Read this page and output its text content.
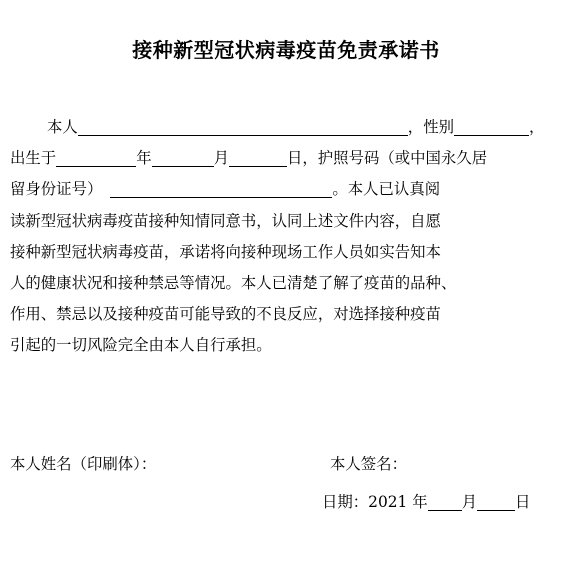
接种新型冠状病毒疫苗免责承诺书
本人	，性别	，
出生于	年	月	日，护照号码（或中国永久居
留身份证号）	。本人已认真阅
读新型冠状病毒疫苗接种知情同意书，认同上述文件内容，自愿
接种新型冠状病毒疫苗，承诺将向接种现场工作人员如实告知本
人的健康状况和接种禁忌等情况。本人已清楚了解了疫苗的品种、
作用、禁忌以及接种疫苗可能导致的不良反应，对选择接种疫苗
引起的一切风险完全由本人自行承担。
本人姓名（印刷体）：	本人签名：
日期：2021 年 月 日
